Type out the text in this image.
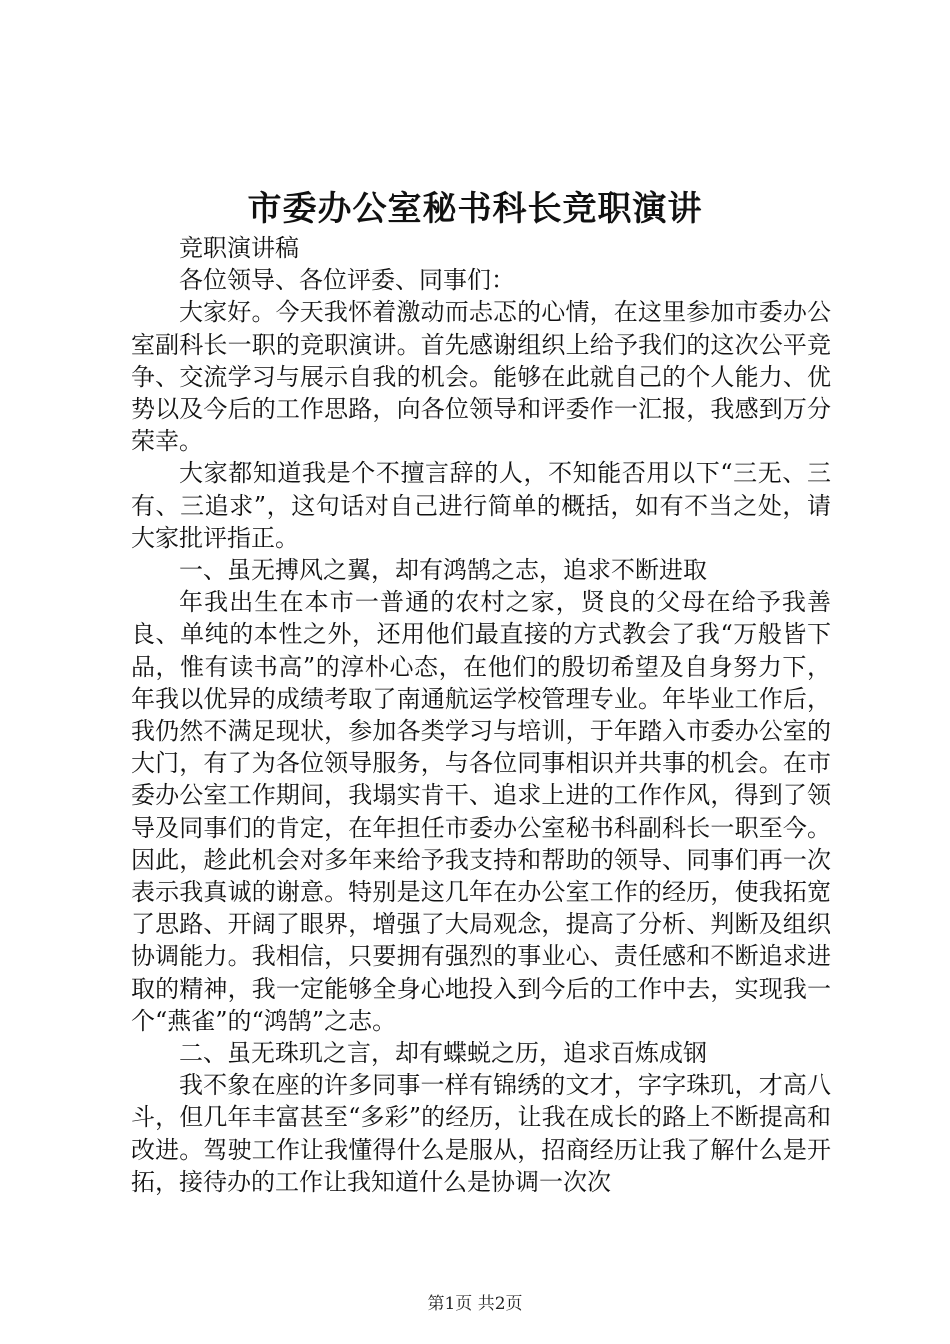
市委办公室秘书科长竞职演讲

竞职演讲稿

各位领导、各位评委、同事们：

大家好。今天我怀着激动而忐忑的心情，在这里参加市委办公室副科长一职的竞职演讲。首先感谢组织上给予我们的这次公平竞争、交流学习与展示自我的机会。能够在此就自己的个人能力、优势以及今后的工作思路，向各位领导和评委作一汇报，我感到万分荣幸。

大家都知道我是个不擅言辞的人，不知能否用以下“三无、三有、三追求”，这句话对自己进行简单的概括，如有不当之处，请大家批评指正。

一、虽无搏风之翼，却有鸿鹄之志，追求不断进取

年我出生在本市一普通的农村之家，贤良的父母在给予我善良、单纯的本性之外，还用他们最直接的方式教会了我“万般皆下品，惟有读书高”的淳朴心态，在他们的殷切希望及自身努力下，年我以优异的成绩考取了南通航运学校管理专业。年毕业工作后，我仍然不满足现状，参加各类学习与培训，于年踏入市委办公室的大门，有了为各位领导服务，与各位同事相识并共事的机会。在市委办公室工作期间，我塌实肯干、追求上进的工作作风，得到了领导及同事们的肯定，在年担任市委办公室秘书科副科长一职至今。因此，趁此机会对多年来给予我支持和帮助的领导、同事们再一次表示我真诚的谢意。特别是这几年在办公室工作的经历，使我拓宽了思路、开阔了眼界，增强了大局观念，提高了分析、判断及组织协调能力。我相信，只要拥有强烈的事业心、责任感和不断追求进取的精神，我一定能够全身心地投入到今后的工作中去，实现我一个“燕雀”的“鸿鹄”之志。

二、虽无珠玑之言，却有蝶蜕之历，追求百炼成钢

我不象在座的许多同事一样有锦绣的文才，字字珠玑，才高八斗，但几年丰富甚至“多彩”的经历，让我在成长的路上不断提高和改进。驾驶工作让我懂得什么是服从，招商经历让我了解什么是开拓，接待办的工作让我知道什么是协调一次次

第1页 共2页
